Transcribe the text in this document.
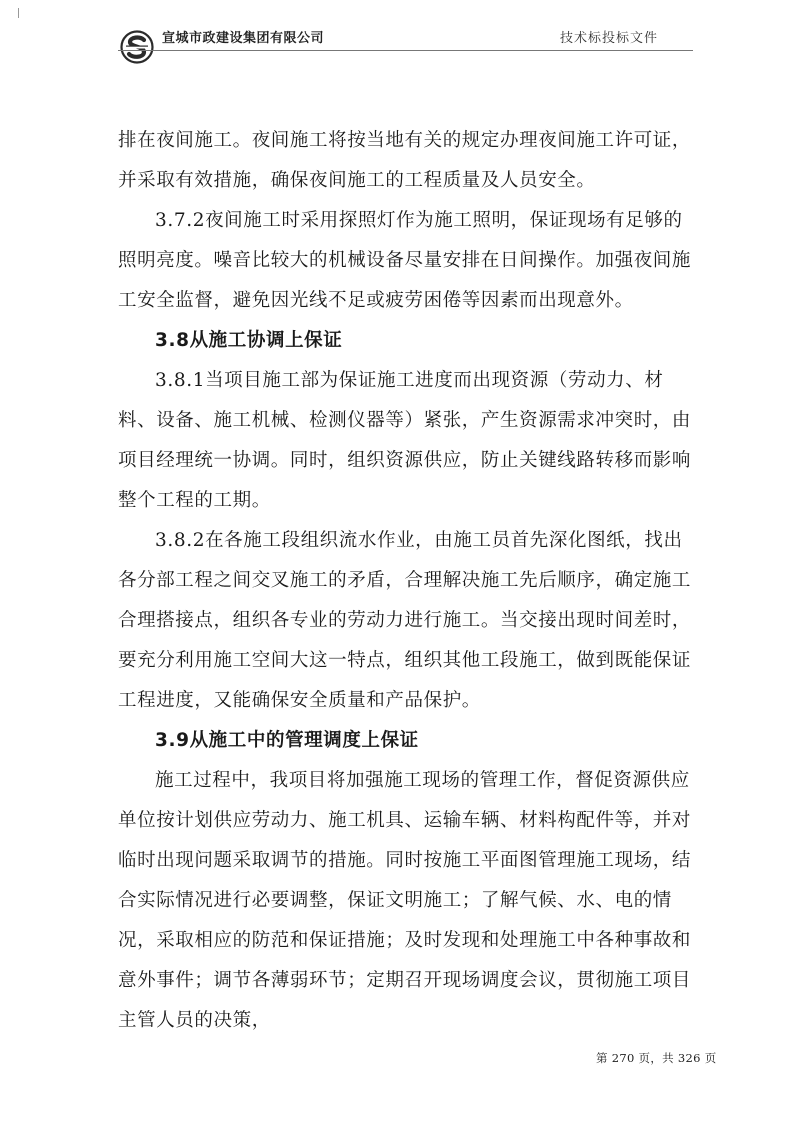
宣城市政建设集团有限公司	技术标投标文件

排在夜间施工。夜间施工将按当地有关的规定办理夜间施工许可证，并采取有效措施，确保夜间施工的工程质量及人员安全。

3.7.2夜间施工时采用探照灯作为施工照明，保证现场有足够的照明亮度。噪音比较大的机械设备尽量安排在日间操作。加强夜间施工安全监督，避免因光线不足或疲劳困倦等因素而出现意外。

3.8从施工协调上保证

3.8.1当项目施工部为保证施工进度而出现资源（劳动力、材料、设备、施工机械、检测仪器等）紧张，产生资源需求冲突时，由项目经理统一协调。同时，组织资源供应，防止关键线路转移而影响整个工程的工期。

3.8.2在各施工段组织流水作业，由施工员首先深化图纸，找出各分部工程之间交叉施工的矛盾，合理解决施工先后顺序，确定施工合理搭接点，组织各专业的劳动力进行施工。当交接出现时间差时，要充分利用施工空间大这一特点，组织其他工段施工，做到既能保证工程进度，又能确保安全质量和产品保护。

3.9从施工中的管理调度上保证

施工过程中，我项目将加强施工现场的管理工作，督促资源供应单位按计划供应劳动力、施工机具、运输车辆、材料构配件等，并对临时出现问题采取调节的措施。同时按施工平面图管理施工现场，结合实际情况进行必要调整，保证文明施工；了解气候、水、电的情况，采取相应的防范和保证措施；及时发现和处理施工中各种事故和意外事件；调节各薄弱环节；定期召开现场调度会议，贯彻施工项目主管人员的决策，

第 270 页，共 326 页
